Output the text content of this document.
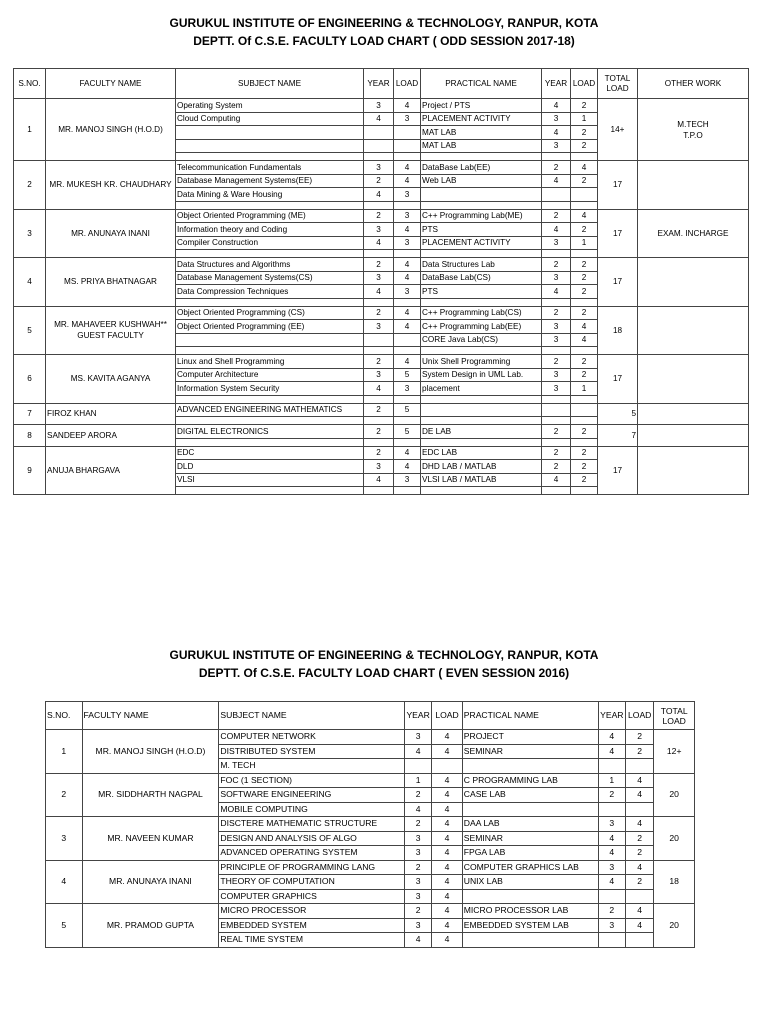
GURUKUL INSTITUTE OF ENGINEERING & TECHNOLOGY, RANPUR, KOTA
DEPTT. Of C.S.E. FACULTY LOAD CHART ( ODD SESSION 2017-18)
S.NO.	FACULTY NAME	SUBJECT NAME	YEAR	LOAD	PRACTICAL NAME	YEAR	LOAD	TOTAL LOAD	OTHER WORK
1	MR. MANOJ SINGH (H.O.D)	Operating System	3	4	Project / PTS	4	2	14+	M.TECH
T.P.O
		Cloud Computing	4	3	PLACEMENT ACTIVITY	3	1		
					MAT LAB	4	2		
					MAT LAB	3	2		

2	MR. MUKESH KR. CHAUDHARY	Telecommunication Fundamentals	3	4	DataBase Lab(EE)	2	4	17	
		Database Management Systems(EE)	2	4	Web LAB	4	2		
		Data Mining & Ware Housing	4	3					

3	MR. ANUNAYA INANI	Object Oriented Programming (ME)	2	3	C++ Programming Lab(ME)	2	4	17	EXAM. INCHARGE
		Information theory and Coding	3	4	PTS	4	2		
		Compiler Construction	4	3	PLACEMENT ACTIVITY	3	1		

4	MS. PRIYA BHATNAGAR	Data Structures and Algorithms	2	4	Data Structures Lab	2	2	17	
		Database Management Systems(CS)	3	4	DataBase Lab(CS)	3	2		
		Data Compression Techniques	4	3	PTS	4	2		

5	MR. MAHAVEER KUSHWAH**
GUEST FACULTY	Object Oriented Programming (CS)	2	4	C++ Programming Lab(CS)	2	2	18	
		Object Oriented Programming (EE)	3	4	C++ Programming Lab(EE)	3	4		
					CORE Java Lab(CS)	3	4		

6	MS. KAVITA AGANYA	Linux and Shell Programming	2	4	Unix Shell Programming	2	2	17	
		Computer Architecture	3	5	System Design in UML Lab.	3	2		
		Information System Security	4	3	placement	3	1		

7	FIROZ KHAN	ADVANCED ENGINEERING MATHEMATICS	2	5				5	

8	SANDEEP ARORA	DIGITAL ELECTRONICS	2	5	DE LAB	2	2	7	

9	ANUJA BHARGAVA	EDC	2	4	EDC LAB	2	2	17	
		DLD	3	4	DHD LAB / MATLAB	2	2		
		VLSI	4	3	VLSI LAB / MATLAB	4	2		

GURUKUL INSTITUTE OF ENGINEERING & TECHNOLOGY, RANPUR, KOTA
DEPTT. Of C.S.E. FACULTY LOAD CHART ( EVEN SESSION 2016)
S.NO.	FACULTY NAME	SUBJECT NAME	YEAR	LOAD	PRACTICAL NAME	YEAR	LOAD	TOTAL LOAD
1	MR. MANOJ SINGH (H.O.D)	COMPUTER NETWORK	3	4	PROJECT	4	2	12+
		DISTRIBUTED SYSTEM	4	4	SEMINAR	4	2	
		M. TECH						
2	MR. SIDDHARTH NAGPAL	FOC (1 SECTION)	1	4	C PROGRAMMING LAB	1	4	20
		SOFTWARE ENGINEERING	2	4	CASE LAB	2	4	
		MOBILE COMPUTING	4	4				
3	MR. NAVEEN KUMAR	DISCTERE MATHEMATIC STRUCTURE	2	4	DAA LAB	3	4	20
		DESIGN AND ANALYSIS OF ALGO	3	4	SEMINAR	4	2	
		ADVANCED OPERATING SYSTEM	3	4	FPGA LAB	4	2	
4	MR. ANUNAYA INANI	PRINCIPLE OF PROGRAMMING LANG	2	4	COMPUTER GRAPHICS LAB	3	4	18
		THEORY OF COMPUTATION	3	4	UNIX LAB	4	2	
		COMPUTER GRAPHICS	3	4				
5	MR. PRAMOD GUPTA	MICRO PROCESSOR	2	4	MICRO PROCESSOR LAB	2	4	20
		EMBEDDED SYSTEM	3	4	EMBEDDED SYSTEM LAB	3	4	
		REAL TIME SYSTEM	4	4				
